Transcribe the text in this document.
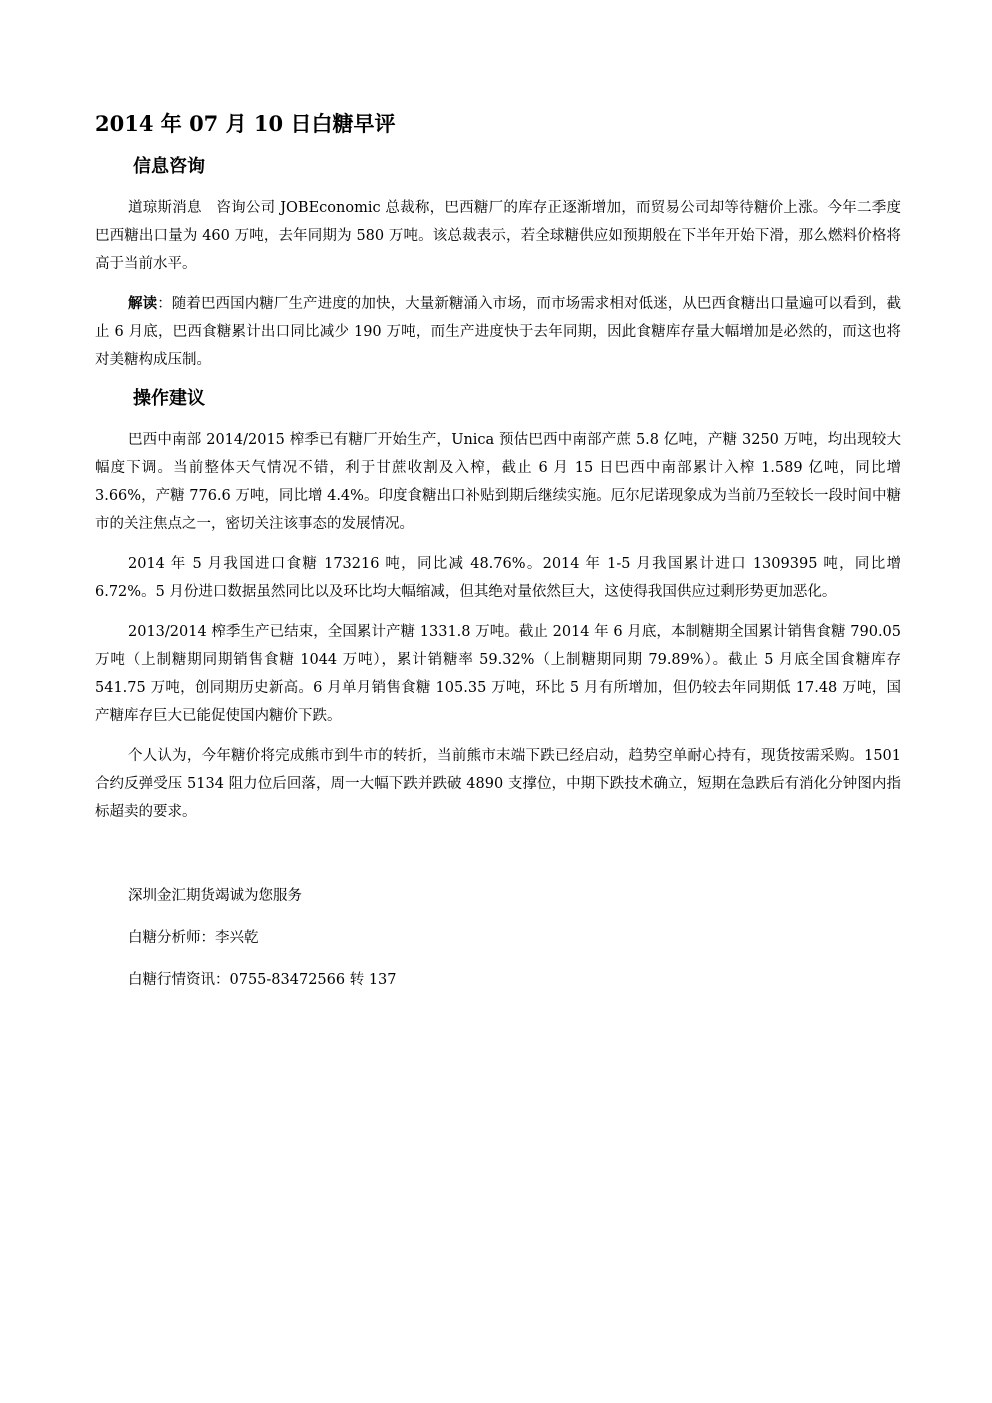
2014 年 07 月 10 日白糖早评
信息咨询

道琼斯消息　咨询公司 JOBEconomic 总裁称，巴西糖厂的库存正逐渐增加，而贸易公司却等待糖价上涨。今年二季度巴西糖出口量为 460 万吨，去年同期为 580 万吨。该总裁表示，若全球糖供应如预期般在下半年开始下滑，那么燃料价格将高于当前水平。

解读：随着巴西国内糖厂生产进度的加快，大量新糖涌入市场，而市场需求相对低迷，从巴西食糖出口量遍可以看到，截止 6 月底，巴西食糖累计出口同比减少 190 万吨，而生产进度快于去年同期，因此食糖库存量大幅增加是必然的，而这也将对美糖构成压制。

操作建议

巴西中南部 2014/2015 榨季已有糖厂开始生产，Unica 预估巴西中南部产蔗 5.8 亿吨，产糖 3250 万吨，均出现较大幅度下调。当前整体天气情况不错，利于甘蔗收割及入榨，截止 6 月 15 日巴西中南部累计入榨 1.589 亿吨，同比增 3.66%，产糖 776.6 万吨，同比增 4.4%。印度食糖出口补贴到期后继续实施。厄尔尼诺现象成为当前乃至较长一段时间中糖市的关注焦点之一，密切关注该事态的发展情况。

2014 年 5 月我国进口食糖 173216 吨，同比减 48.76%。2014 年 1-5 月我国累计进口 1309395 吨，同比增 6.72%。5 月份进口数据虽然同比以及环比均大幅缩减，但其绝对量依然巨大，这使得我国供应过剩形势更加恶化。

2013/2014 榨季生产已结束，全国累计产糖 1331.8 万吨。截止 2014 年 6 月底，本制糖期全国累计销售食糖 790.05 万吨（上制糖期同期销售食糖 1044 万吨），累计销糖率 59.32%（上制糖期同期 79.89%）。截止 5 月底全国食糖库存 541.75 万吨，创同期历史新高。6 月单月销售食糖 105.35 万吨，环比 5 月有所增加，但仍较去年同期低 17.48 万吨，国产糖库存巨大已能促使国内糖价下跌。

个人认为，今年糖价将完成熊市到牛市的转折，当前熊市末端下跌已经启动，趋势空单耐心持有，现货按需采购。1501 合约反弹受压 5134 阻力位后回落，周一大幅下跌并跌破 4890 支撑位，中期下跌技术确立，短期在急跌后有消化分钟图内指标超卖的要求。

深圳金汇期货竭诚为您服务
白糖分析师：李兴乾
白糖行情资讯：0755-83472566 转 137
